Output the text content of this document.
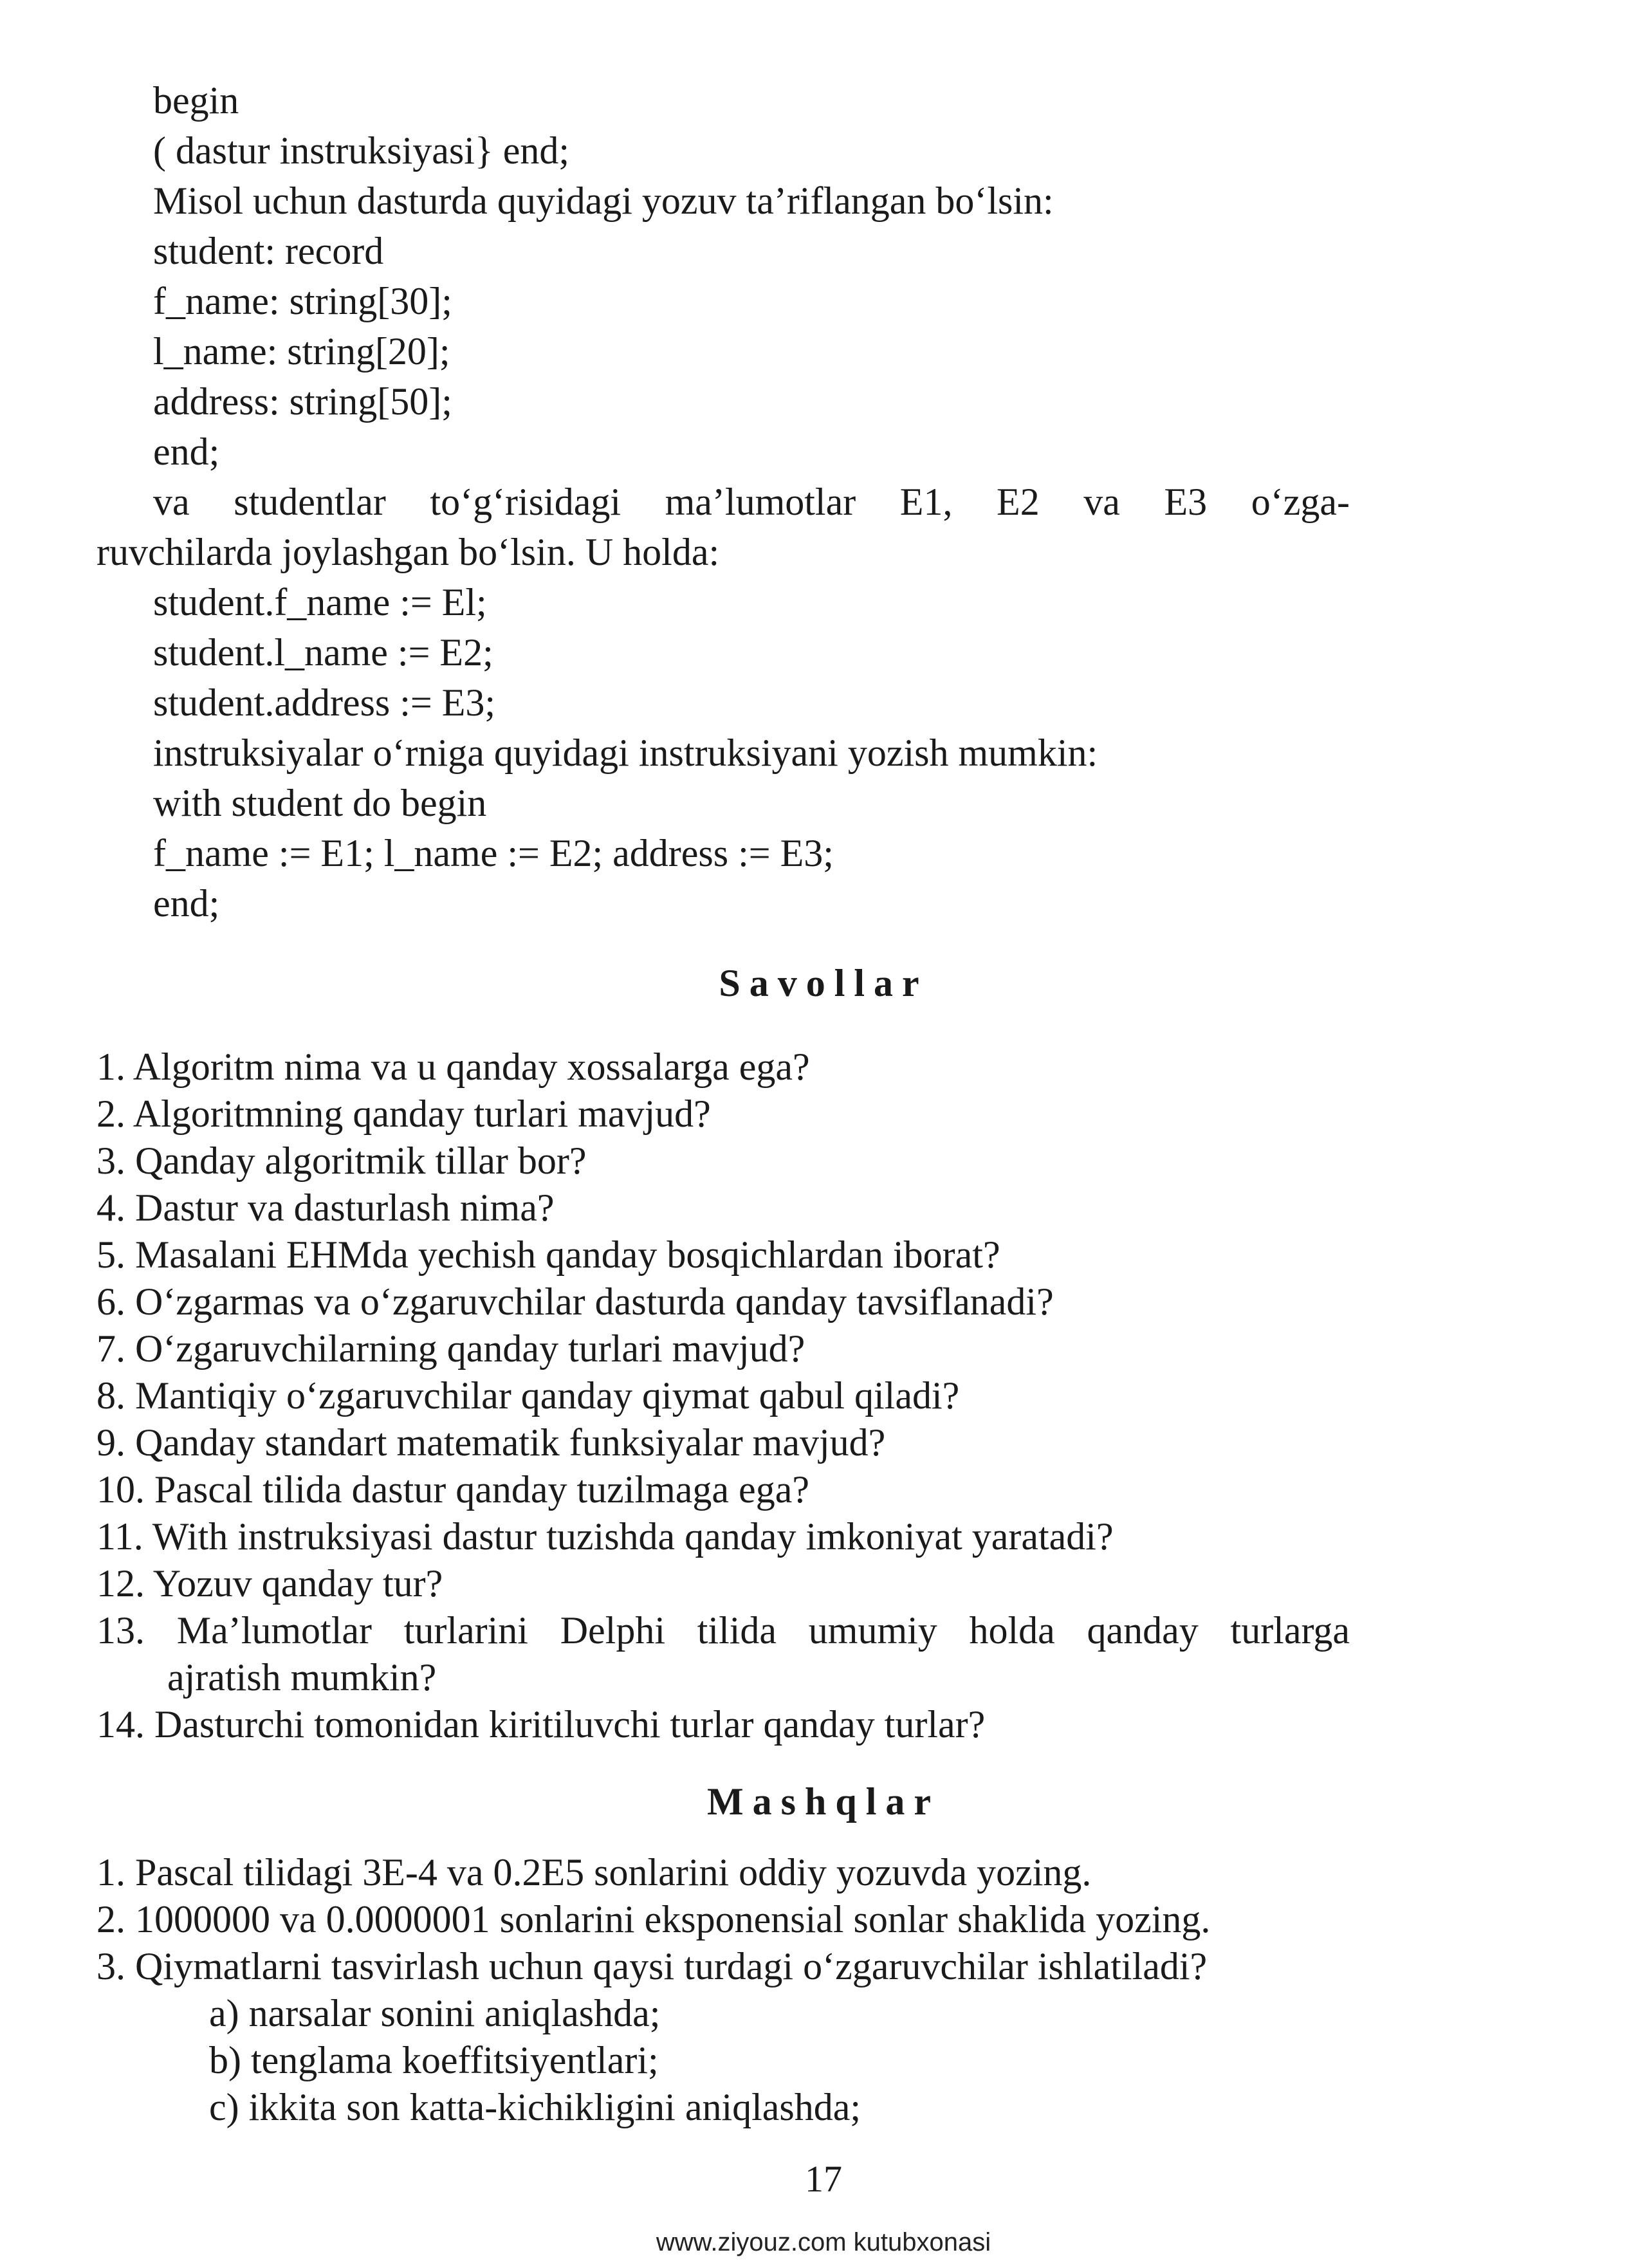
begin
( dastur instruksiyasi} end;
Misol uchun dasturda quyidagi yozuv ta’riflangan bo‘lsin:
student: record
f_name: string[30];
l_name: string[20];
address: string[50];
end;
va studentlar to‘g‘risidagi ma’lumotlar E1, E2 va E3 o‘zga-
ruvchilarda joylashgan bo‘lsin. U holda:
student.f_name := El;
student.l_name := E2;
student.address := E3;
instruksiyalar o‘rniga quyidagi instruksiyani yozish mumkin:
with student do begin
f_name := E1; l_name := E2; address := E3;
end;
Savollar
1. Algoritm nima va u qanday xossalarga ega?
2. Algoritmning qanday turlari mavjud?
3. Qanday algoritmik tillar bor?
4. Dastur va dasturlash nima?
5. Masalani EHMda yechish qanday bosqichlardan iborat?
6. O‘zgarmas va o‘zgaruvchilar dasturda qanday tavsiflanadi?
7. O‘zgaruvchilarning qanday turlari mavjud?
8. Mantiqiy o‘zgaruvchilar qanday qiymat qabul qiladi?
9. Qanday standart matematik funksiyalar mavjud?
10. Pascal tilida dastur qanday tuzilmaga ega?
11. With instruksiyasi dastur tuzishda qanday imkoniyat yaratadi?
12. Yozuv qanday tur?
13. Ma’lumotlar turlarini Delphi tilida umumiy holda qanday turlarga
ajratish mumkin?
14. Dasturchi tomonidan kiritiluvchi turlar qanday turlar?
Mashqlar
1. Pascal tilidagi 3E-4 va 0.2E5 sonlarini oddiy yozuvda yozing.
2. 1000000 va 0.0000001 sonlarini eksponensial sonlar shaklida yozing.
3. Qiymatlarni tasvirlash uchun qaysi turdagi o‘zgaruvchilar ishlatiladi?
a) narsalar sonini aniqlashda;
b) tenglama koeffitsiyentlari;
c) ikkita son katta-kichikligini aniqlashda;
17
www.ziyouz.com kutubxonasi
